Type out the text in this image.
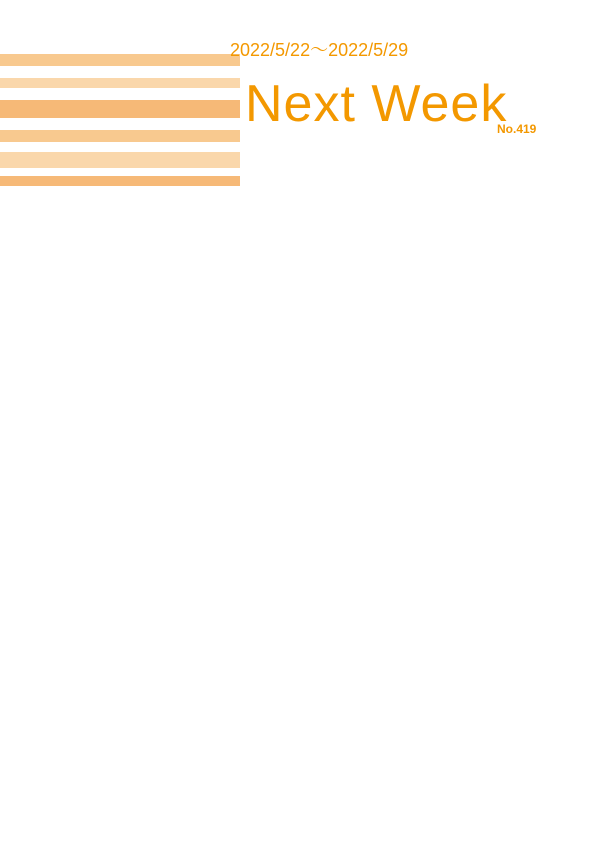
2022/5/22～2022/5/29
Next Week
No.419
